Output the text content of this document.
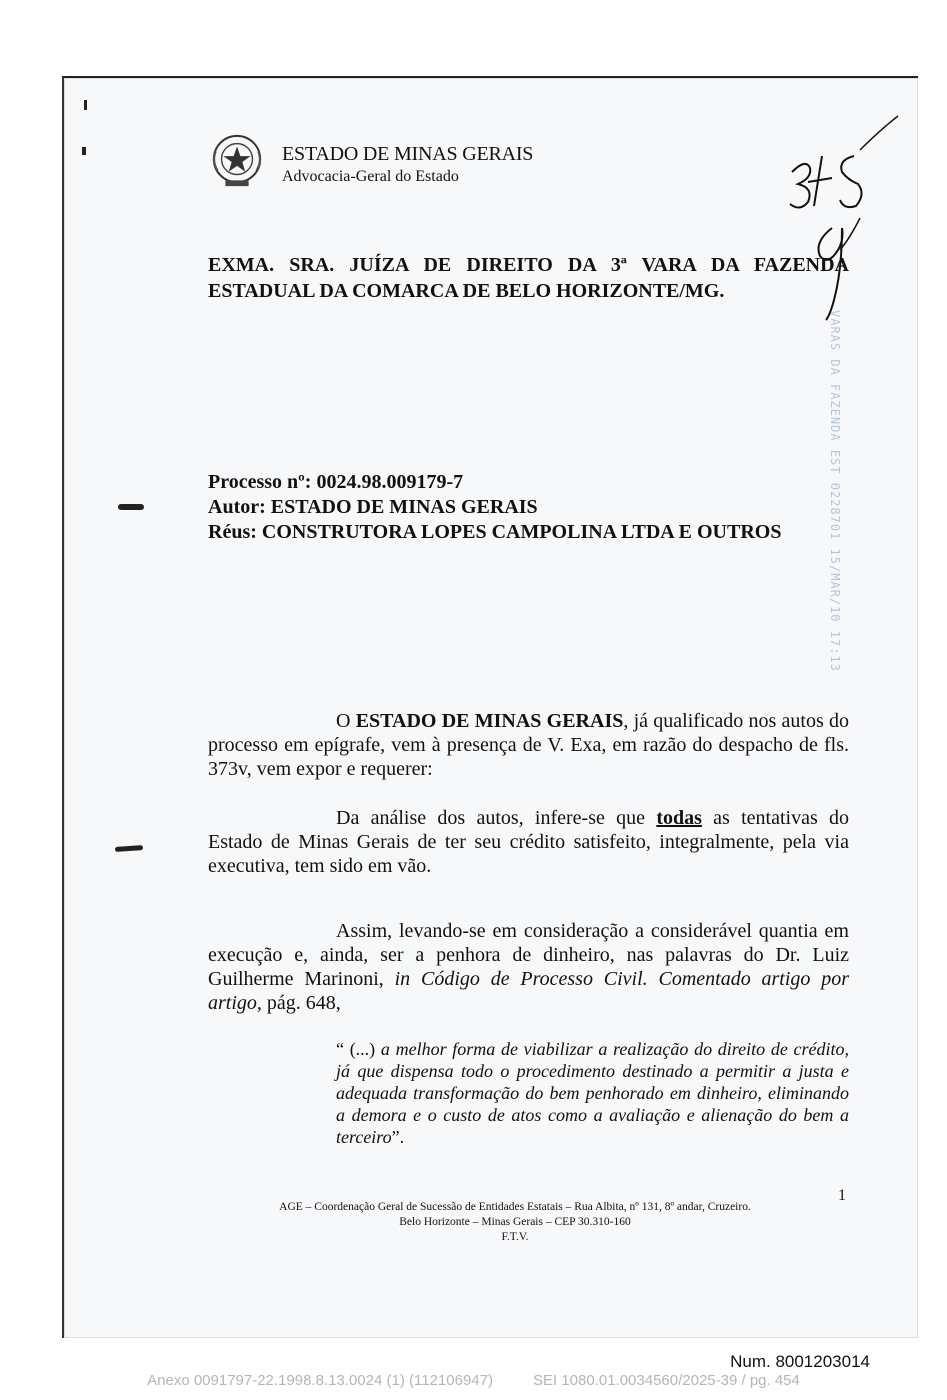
ESTADO DE MINAS GERAIS
Advocacia-Geral do Estado
VARAS DA FAZENDA EST 0228701 15/MAR/10 17:13
EXMA. SRA. JUÍZA DE DIREITO DA 3ª VARA DA FAZENDA
ESTADUAL DA COMARCA DE BELO HORIZONTE/MG.
Processo nº: 0024.98.009179-7
Autor: ESTADO DE MINAS GERAIS
Réus: CONSTRUTORA LOPES CAMPOLINA LTDA E OUTROS
O ESTADO DE MINAS GERAIS, já qualificado nos autos do processo em epígrafe, vem à presença de V. Exa, em razão do despacho de fls. 373v, vem expor e requerer:
Da análise dos autos, infere-se que todas as tentativas do Estado de Minas Gerais de ter seu crédito satisfeito, integralmente, pela via executiva, tem sido em vão.
Assim, levando-se em consideração a considerável quantia em execução e, ainda, ser a penhora de dinheiro, nas palavras do Dr. Luiz Guilherme Marinoni, in Código de Processo Civil. Comentado artigo por artigo, pág. 648,
“ (...) a melhor forma de viabilizar a realização do direito de crédito, já que dispensa todo o procedimento destinado a permitir a justa e adequada transformação do bem penhorado em dinheiro, eliminando a demora e o custo de atos como a avaliação e alienação do bem a terceiro”.
1
AGE – Coordenação Geral de Sucessão de Entidades Estatais – Rua Albita, nº 131, 8º andar, Cruzeiro.
Belo Horizonte – Minas Gerais – CEP 30.310-160
F.T.V.
Num. 8001203014
Anexo 0091797-22.1998.8.13.0024 (1) (112106947)	SEI 1080.01.0034560/2025-39 / pg. 454
